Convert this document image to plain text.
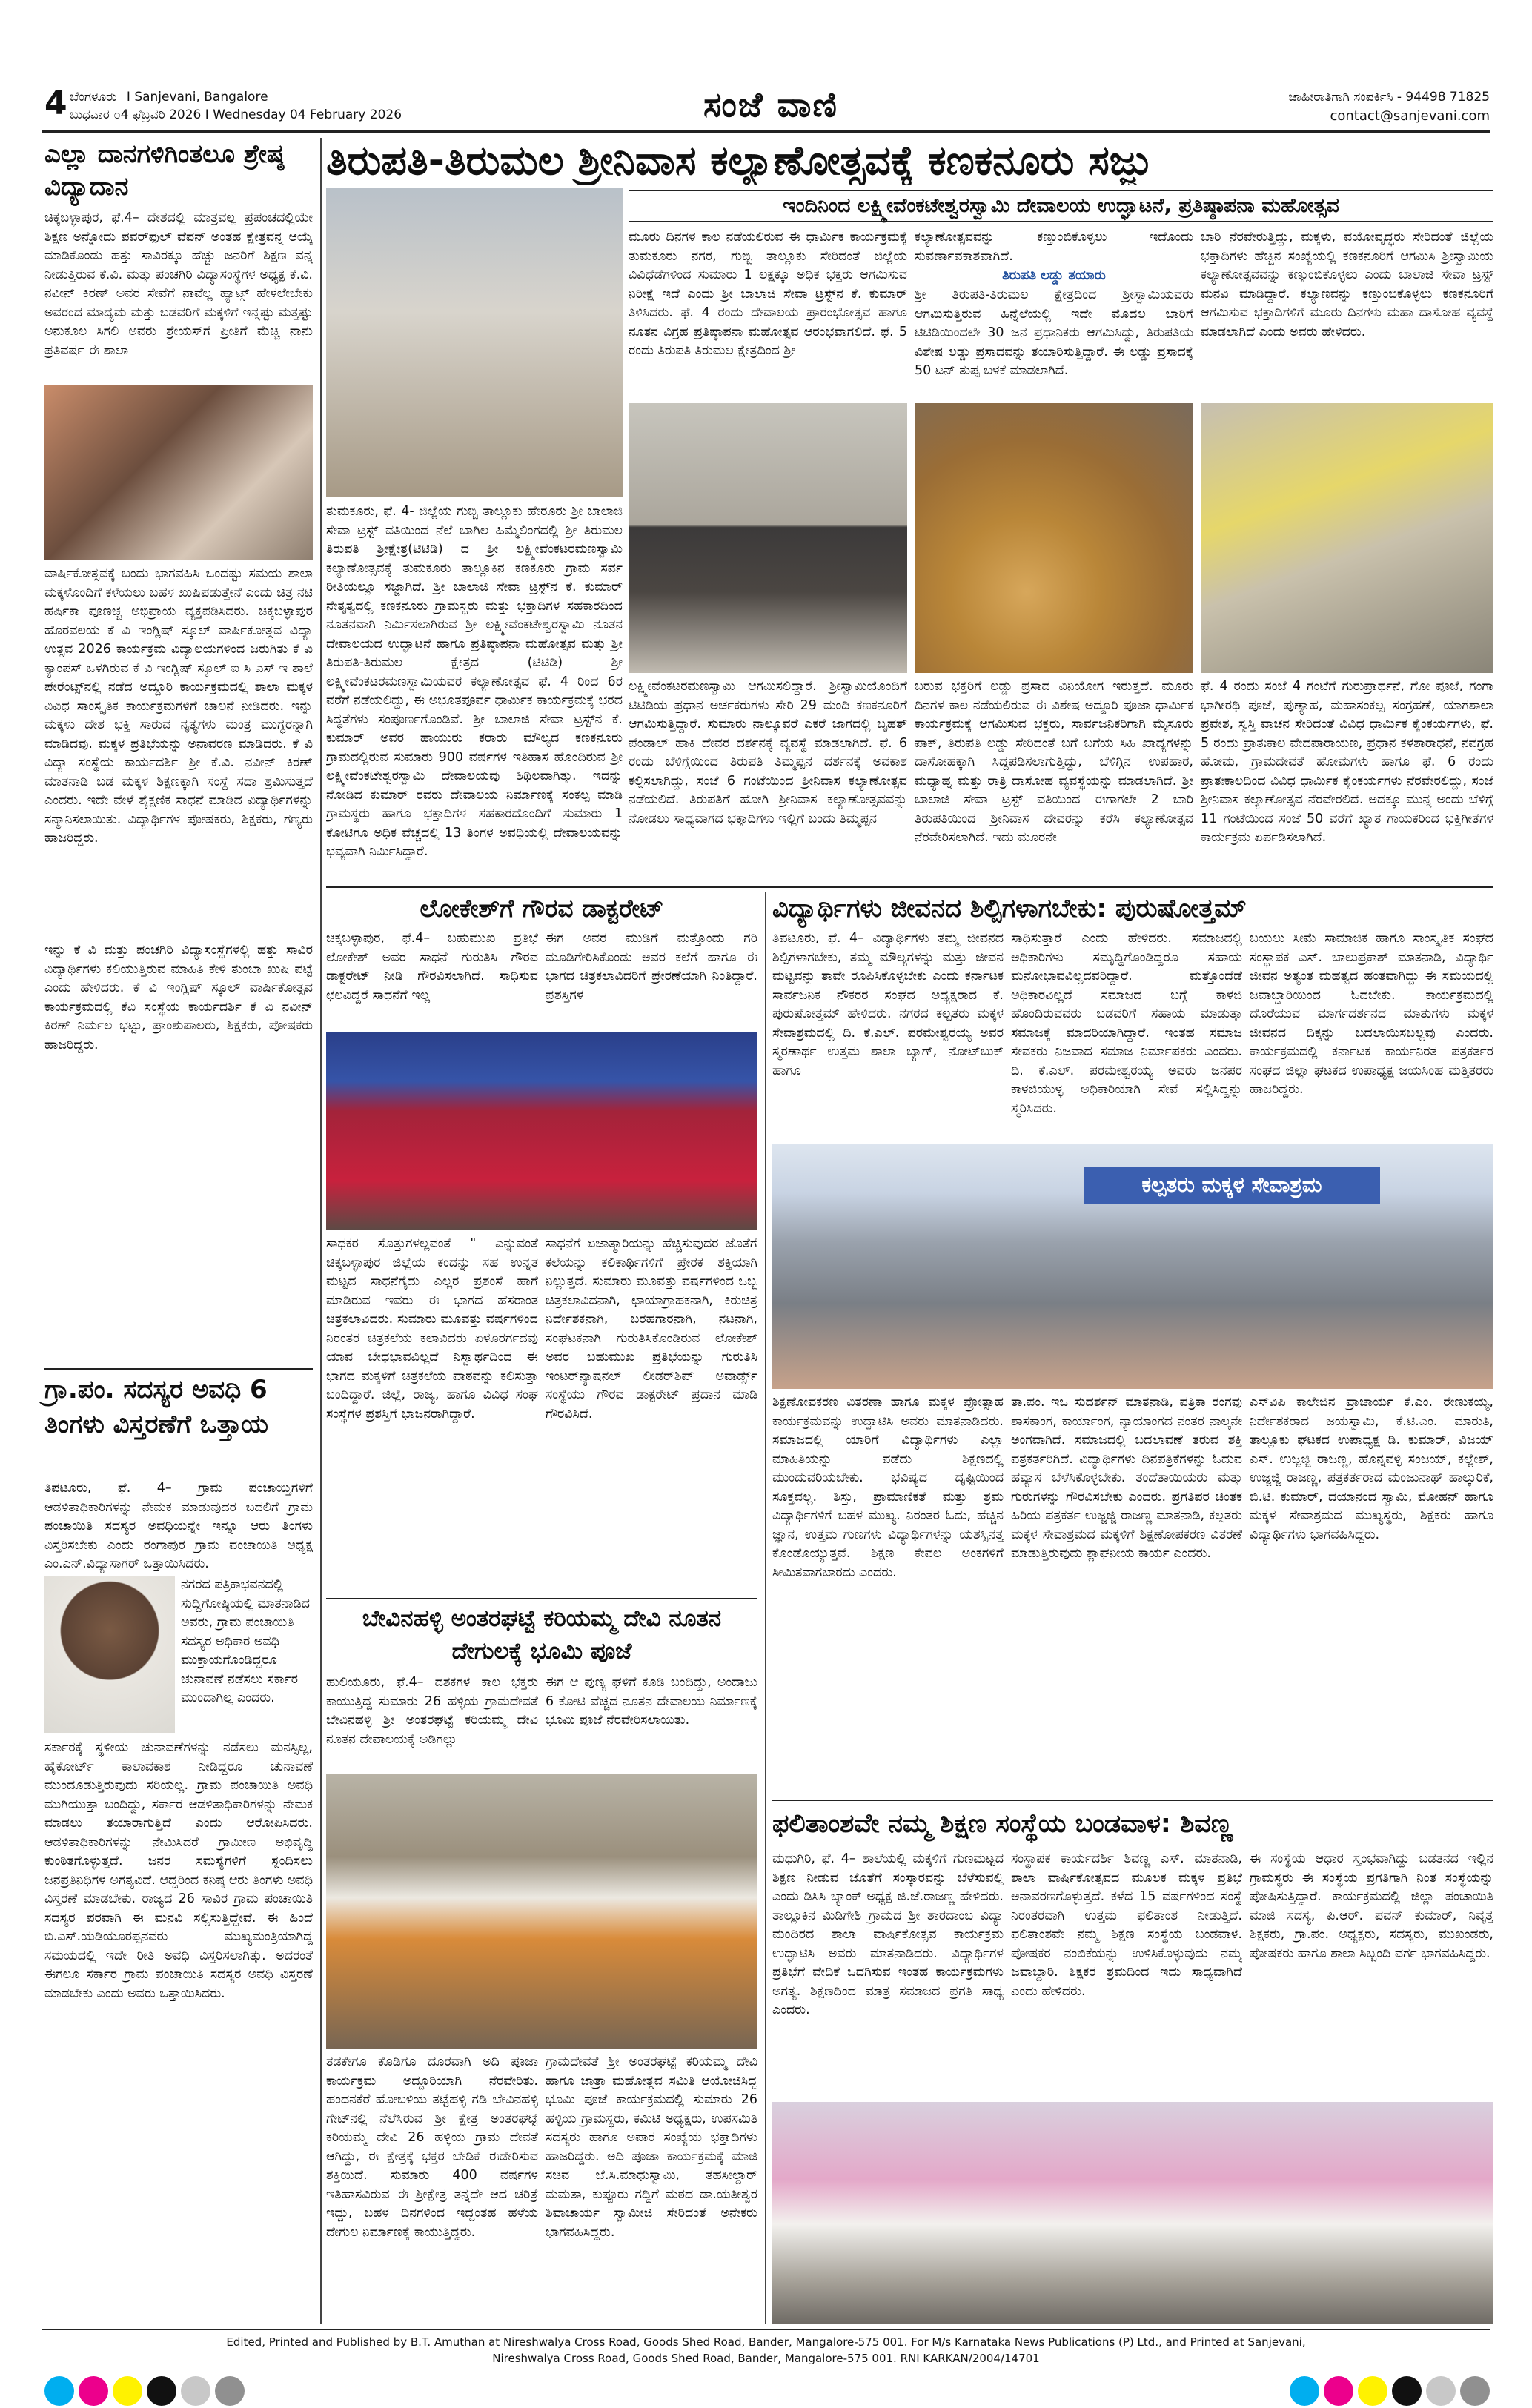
4 ಬೆಂಗಳೂರು I Sanjevani, Bangalore
ಬುಧವಾರ ೦4 ಫೆಬ್ರವರಿ 2026 I Wednesday 04 February 2026	ಸಂಜೆ ವಾಣಿ	ಜಾಹೀರಾತಿಗಾಗಿ ಸಂಪರ್ಕಿಸಿ - 94498 71825
contact@sanjevani.com
ಎಲ್ಲಾ ದಾನಗಳಿಗಿಂತಲೂ ಶ್ರೇಷ್ಠ ವಿದ್ಯಾದಾನ
ಚಿಕ್ಕಬಳ್ಳಾಪುರ, ಫೆ.4– ದೇಶದಲ್ಲಿ ಮಾತ್ರವಲ್ಲ ಪ್ರಪಂಚದಲ್ಲಿಯೇ ಶಿಕ್ಷಣ ಅನ್ನೋದು ಪವರ್‌ಫುಲ್ ವೆಪನ್ ಅಂತಹ ಕ್ಷೇತ್ರವನ್ನ ಆಯ್ಕೆ ಮಾಡಿಕೊಂಡು ಹತ್ತು ಸಾವಿರಕ್ಕೂ ಹೆಚ್ಚು ಜನರಿಗೆ ಶಿಕ್ಷಣ ವನ್ನ ನೀಡುತ್ತಿರುವ ಕೆ.ವಿ. ಮತ್ತು ಪಂಚಗಿರಿ ವಿದ್ಯಾಸಂಸ್ಥೆಗಳ ಅಧ್ಯಕ್ಷ ಕೆ.ವಿ. ನವೀನ್ ಕಿರಣ್ ಅವರ ಸೇವೆಗೆ ನಾವೆಲ್ಲ ಹ್ಯಾಟ್ಸ್ ಹೇಳಲೇಬೇಕು ಅವರಂದ ಮಾದ್ಯಮ ಮತ್ತು ಬಡವರಿಗೆ ಮಕ್ಕಳಿಗೆ ಇನ್ನಷ್ಟು ಮತ್ತಷ್ಟು ಅನುಕೂಲ ಸಿಗಲಿ ಅವರು ಶ್ರೇಯಸ್‌ಗೆ ಪ್ರೀತಿಗೆ ಮೆಚ್ಚಿ ನಾನು ಪ್ರತಿವರ್ಷ ಈ ಶಾಲಾ
ವಾರ್ಷಿಕೋತ್ಸವಕ್ಕೆ ಬಂದು ಭಾಗವಹಿಸಿ ಒಂದಷ್ಟು ಸಮಯ ಶಾಲಾ ಮಕ್ಕಳೊಂದಿಗೆ ಕಳೆಯಲು ಬಹಳ ಖುಷಿಪಡುತ್ತೇನೆ ಎಂದು ಚಿತ್ರ ನಟಿ ಹರ್ಷಿಕಾ ಪೂಣಚ್ಚ ಅಭಿಪ್ರಾಯ ವ್ಯಕ್ತಪಡಿಸಿದರು. ಚಿಕ್ಕಬಳ್ಳಾಪುರ ಹೊರವಲಯ ಕೆ ವಿ ಇಂಗ್ಲಿಷ್ ಸ್ಕೂಲ್ ವಾರ್ಷಿಕೋತ್ಸವ ವಿದ್ಯಾ ಉತ್ಸವ 2026 ಕಾರ್ಯಕ್ರಮ ವಿದ್ಯಾಲಯಗಳಿಂದ ಜರುಗಿತು ಕೆ ವಿ ಕ್ಯಾಂಪಸ್ ಒಳಗಿರುವ ಕೆ ವಿ ಇಂಗ್ಲಿಷ್ ಸ್ಕೂಲ್ ಐ ಸಿ ಎಸ್ ಇ ಶಾಲೆ ಪೇರೆಂಟ್ಸ್‌ನಲ್ಲಿ ನಡೆದ ಅದ್ದೂರಿ ಕಾರ್ಯಕ್ರಮದಲ್ಲಿ ಶಾಲಾ ಮಕ್ಕಳ ವಿವಿಧ ಸಾಂಸ್ಕೃತಿಕ ಕಾರ್ಯಕ್ರಮಗಳಿಗೆ ಚಾಲನೆ ನೀಡಿದರು. ಇನ್ನು ಮಕ್ಕಳು ದೇಶ ಭಕ್ತಿ ಸಾರುವ ನೃತ್ಯಗಳು ಮಂತ್ರ ಮುಗ್ಧರನ್ನಾಗಿ ಮಾಡಿದವು. ಮಕ್ಕಳ ಪ್ರತಿಭೆಯನ್ನು ಅನಾವರಣ ಮಾಡಿದರು. ಕೆ ವಿ ವಿದ್ಯಾ ಸಂಸ್ಥೆಯ ಕಾರ್ಯದರ್ಶಿ ಶ್ರೀ ಕೆ.ವಿ. ನವೀನ್ ಕಿರಣ್ ಮಾತನಾಡಿ ಬಡ ಮಕ್ಕಳ ಶಿಕ್ಷಣಕ್ಕಾಗಿ ಸಂಸ್ಥೆ ಸದಾ ಶ್ರಮಿಸುತ್ತದೆ ಎಂದರು. ಇದೇ ವೇಳೆ ಶೈಕ್ಷಣಿಕ ಸಾಧನೆ ಮಾಡಿದ ವಿದ್ಯಾರ್ಥಿಗಳನ್ನು ಸನ್ಮಾನಿಸಲಾಯಿತು. ವಿದ್ಯಾರ್ಥಿಗಳ ಪೋಷಕರು, ಶಿಕ್ಷಕರು, ಗಣ್ಯರು ಹಾಜರಿದ್ದರು.
ಇನ್ನು ಕೆ ವಿ ಮತ್ತು ಪಂಚಗಿರಿ ವಿದ್ಯಾಸಂಸ್ಥೆಗಳಲ್ಲಿ ಹತ್ತು ಸಾವಿರ ವಿದ್ಯಾರ್ಥಿಗಳು ಕಲಿಯುತ್ತಿರುವ ಮಾಹಿತಿ ಕೇಳಿ ತುಂಬಾ ಖುಷಿ ಪಟ್ಟೆ ಎಂದು ಹೇಳಿದರು. ಕೆ ವಿ ಇಂಗ್ಲಿಷ್ ಸ್ಕೂಲ್ ವಾರ್ಷಿಕೋತ್ಸವ ಕಾರ್ಯಕ್ರಮದಲ್ಲಿ ಕೆವಿ ಸಂಸ್ಥೆಯ ಕಾರ್ಯದರ್ಶಿ ಕೆ ವಿ ನವೀನ್ ಕಿರಣ್ ನಿರ್ಮಲ ಭಟ್ಟು, ಪ್ರಾಂಶುಪಾಲರು, ಶಿಕ್ಷಕರು, ಪೋಷಕರು ಹಾಜರಿದ್ದರು.
ಗ್ರಾ.ಪಂ. ಸದಸ್ಯರ ಅವಧಿ 6 ತಿಂಗಳು ವಿಸ್ತರಣೆಗೆ ಒತ್ತಾಯ
ತಿಪಟೂರು, ಫೆ. 4– ಗ್ರಾಮ ಪಂಚಾಯ್ತಿಗಳಿಗೆ ಆಡಳಿತಾಧಿಕಾರಿಗಳನ್ನು ನೇಮಕ ಮಾಡುವುದರ ಬದಲಿಗೆ ಗ್ರಾಮ ಪಂಚಾಯಿತಿ ಸದಸ್ಯರ ಅವಧಿಯನ್ನೇ ಇನ್ನೂ ಆರು ತಿಂಗಳು ವಿಸ್ತರಿಸಬೇಕು ಎಂದು ರಂಗಾಪುರ ಗ್ರಾಮ ಪಂಚಾಯಿತಿ ಅಧ್ಯಕ್ಷ ಎಂ.ಎನ್.ವಿದ್ಯಾಸಾಗರ್ ಒತ್ತಾಯಿಸಿದರು.
ನಗರದ ಪತ್ರಿಕಾಭವನದಲ್ಲಿ ಸುದ್ದಿಗೋಷ್ಠಿಯಲ್ಲಿ ಮಾತನಾಡಿದ ಅವರು, ಗ್ರಾಮ ಪಂಚಾಯಿತಿ ಸದಸ್ಯರ ಅಧಿಕಾರ ಅವಧಿ ಮುಕ್ತಾಯಗೊಂಡಿದ್ದರೂ ಚುನಾವಣೆ ನಡೆಸಲು ಸರ್ಕಾರ ಮುಂದಾಗಿಲ್ಲ ಎಂದರು.
ಸರ್ಕಾರಕ್ಕೆ ಸ್ಥಳೀಯ ಚುನಾವಣೆಗಳನ್ನು ನಡೆಸಲು ಮನಸ್ಸಿಲ್ಲ, ಹೈಕೋರ್ಟ್ ಕಾಲಾವಕಾಶ ನೀಡಿದ್ದರೂ ಚುನಾವಣೆ ಮುಂದೂಡುತ್ತಿರುವುದು ಸರಿಯಲ್ಲ. ಗ್ರಾಮ ಪಂಚಾಯಿತಿ ಅವಧಿ ಮುಗಿಯುತ್ತಾ ಬಂದಿದ್ದು, ಸರ್ಕಾರ ಆಡಳಿತಾಧಿಕಾರಿಗಳನ್ನು ನೇಮಕ ಮಾಡಲು ತಯಾರಾಗುತ್ತಿದೆ ಎಂದು ಆರೋಪಿಸಿದರು. ಆಡಳಿತಾಧಿಕಾರಿಗಳನ್ನು ನೇಮಿಸಿದರೆ ಗ್ರಾಮೀಣ ಅಭಿವೃದ್ಧಿ ಕುಂಠಿತಗೊಳ್ಳುತ್ತದೆ. ಜನರ ಸಮಸ್ಯೆಗಳಿಗೆ ಸ್ಪಂದಿಸಲು ಜನಪ್ರತಿನಿಧಿಗಳ ಅಗತ್ಯವಿದೆ. ಆದ್ದರಿಂದ ಕನಿಷ್ಠ ಆರು ತಿಂಗಳು ಅವಧಿ ವಿಸ್ತರಣೆ ಮಾಡಬೇಕು. ರಾಜ್ಯದ 26 ಸಾವಿರ ಗ್ರಾಮ ಪಂಚಾಯಿತಿ ಸದಸ್ಯರ ಪರವಾಗಿ ಈ ಮನವಿ ಸಲ್ಲಿಸುತ್ತಿದ್ದೇವೆ. ಈ ಹಿಂದೆ ಬಿ.ಎಸ್.ಯಡಿಯೂರಪ್ಪನವರು ಮುಖ್ಯಮಂತ್ರಿಯಾಗಿದ್ದ ಸಮಯದಲ್ಲಿ ಇದೇ ರೀತಿ ಅವಧಿ ವಿಸ್ತರಿಸಲಾಗಿತ್ತು. ಅದರಂತೆ ಈಗಲೂ ಸರ್ಕಾರ ಗ್ರಾಮ ಪಂಚಾಯಿತಿ ಸದಸ್ಯರ ಅವಧಿ ವಿಸ್ತರಣೆ ಮಾಡಬೇಕು ಎಂದು ಅವರು ಒತ್ತಾಯಿಸಿದರು.
ತಿರುಪತಿ-ತಿರುಮಲ ಶ್ರೀನಿವಾಸ ಕಲ್ಯಾಣೋತ್ಸವಕ್ಕೆ ಕಣಕನೂರು ಸಜ್ಜು
ಇಂದಿನಿಂದ ಲಕ್ಷ್ಮೀವೆಂಕಟೇಶ್ವರಸ್ವಾಮಿ ದೇವಾಲಯ ಉದ್ಘಾಟನೆ, ಪ್ರತಿಷ್ಠಾಪನಾ ಮಹೋತ್ಸವ
ಮೂರು ದಿನಗಳ ಕಾಲ ನಡೆಯಲಿರುವ ಈ ಧಾರ್ಮಿಕ ಕಾರ್ಯಕ್ರಮಕ್ಕೆ ತುಮಕೂರು ನಗರ, ಗುಬ್ಬಿ ತಾಲ್ಲೂಕು ಸೇರಿದಂತೆ ಜಿಲ್ಲೆಯ ವಿವಿಧೆಡೆಗಳಿಂದ ಸುಮಾರು 1 ಲಕ್ಷಕ್ಕೂ ಅಧಿಕ ಭಕ್ತರು ಆಗಮಿಸುವ ನಿರೀಕ್ಷೆ ಇದೆ ಎಂದು ಶ್ರೀ ಬಾಲಾಜಿ ಸೇವಾ ಟ್ರಸ್ಟ್‌ನ ಕೆ. ಕುಮಾರ್ ತಿಳಿಸಿದರು. ಫೆ. 4 ರಂದು ದೇವಾಲಯ ಪ್ರಾರಂಭೋತ್ಸವ ಹಾಗೂ ನೂತನ ವಿಗ್ರಹ ಪ್ರತಿಷ್ಠಾಪನಾ ಮಹೋತ್ಸವ ಆರಂಭವಾಗಲಿದೆ. ಫೆ. 5 ರಂದು ತಿರುಪತಿ ತಿರುಮಲ ಕ್ಷೇತ್ರದಿಂದ ಶ್ರೀ
ಕಲ್ಯಾಣೋತ್ಸವವನ್ನು ಕಣ್ತುಂಬಿಕೊಳ್ಳಲು ಇದೊಂದು ಸುವರ್ಣಾವಕಾಶವಾಗಿದೆ.
ತಿರುಪತಿ ಲಡ್ಡು ತಯಾರು
ಶ್ರೀ ತಿರುಪತಿ-ತಿರುಮಲ ಕ್ಷೇತ್ರದಿಂದ ಶ್ರೀಸ್ವಾಮಿಯವರು ಆಗಮಿಸುತ್ತಿರುವ ಹಿನ್ನೆಲೆಯಲ್ಲಿ ಇದೇ ಮೊದಲ ಬಾರಿಗೆ ಟಿಟಿಡಿಯಿಂದಲೇ 30 ಜನ ಪ್ರಧಾನಿಕರು ಆಗಮಿಸಿದ್ದು, ತಿರುಪತಿಯ ವಿಶೇಷ ಲಡ್ಡು ಪ್ರಸಾದವನ್ನು ತಯಾರಿಸುತ್ತಿದ್ದಾರೆ. ಈ ಲಡ್ಡು ಪ್ರಸಾದಕ್ಕೆ 50 ಟನ್ ತುಪ್ಪ ಬಳಕೆ ಮಾಡಲಾಗಿದೆ.
ಬಾರಿ ನೆರವೇರುತ್ತಿದ್ದು, ಮಕ್ಕಳು, ವಯೋವೃದ್ಧರು ಸೇರಿದಂತೆ ಜಿಲ್ಲೆಯ ಭಕ್ತಾದಿಗಳು ಹೆಚ್ಚಿನ ಸಂಖ್ಯೆಯಲ್ಲಿ ಕಣಕನೂರಿಗೆ ಆಗಮಿಸಿ ಶ್ರೀಸ್ವಾಮಿಯ ಕಲ್ಯಾಣೋತ್ಸವವನ್ನು ಕಣ್ತುಂಬಿಕೊಳ್ಳಲು ಎಂದು ಬಾಲಾಜಿ ಸೇವಾ ಟ್ರಸ್ಟ್ ಮನವಿ ಮಾಡಿದ್ದಾರೆ. ಕಲ್ಯಾಣವನ್ನು ಕಣ್ತುಂಬಿಕೊಳ್ಳಲು ಕಣಕನೂರಿಗೆ ಆಗಮಿಸುವ ಭಕ್ತಾದಿಗಳಿಗೆ ಮೂರು ದಿನಗಳು ಮಹಾ ದಾಸೋಹ ವ್ಯವಸ್ಥೆ ಮಾಡಲಾಗಿದೆ ಎಂದು ಅವರು ಹೇಳಿದರು.
ತುಮಕೂರು, ಫೆ. 4- ಜಿಲ್ಲೆಯ ಗುಬ್ಬಿ ತಾಲ್ಲೂಕು ಹೇರೂರು ಶ್ರೀ ಬಾಲಾಜಿ ಸೇವಾ ಟ್ರಸ್ಟ್ ವತಿಯಿಂದ ನೆಲೆ ಬಾಗಿಲ ಹಿಮ್ಮೆಲಿಂಗದಲ್ಲಿ ಶ್ರೀ ತಿರುಮಲ ತಿರುಪತಿ ಶ್ರೀಕ್ಷೇತ್ರ(ಟಿಟಿಡಿ) ದ ಶ್ರೀ ಲಕ್ಷ್ಮೀವೆಂಕಟರಮಣಸ್ವಾಮಿ ಕಲ್ಯಾಣೋತ್ಸವಕ್ಕೆ ತುಮಕೂರು ತಾಲ್ಲೂಕಿನ ಕಣಕೂರು ಗ್ರಾಮ ಸರ್ವ ರೀತಿಯಲ್ಲೂ ಸಜ್ಜಾಗಿದೆ. ಶ್ರೀ ಬಾಲಾಜಿ ಸೇವಾ ಟ್ರಸ್ಟ್‌ನ ಕೆ. ಕುಮಾರ್ ನೇತೃತ್ವದಲ್ಲಿ ಕಣಕನೂರು ಗ್ರಾಮಸ್ಥರು ಮತ್ತು ಭಕ್ತಾದಿಗಳ ಸಹಕಾರದಿಂದ ನೂತನವಾಗಿ ನಿರ್ಮಿಸಲಾಗಿರುವ ಶ್ರೀ ಲಕ್ಷ್ಮೀವೆಂಕಟೇಶ್ವರಸ್ವಾಮಿ ನೂತನ ದೇವಾಲಯದ ಉದ್ಘಾಟನೆ ಹಾಗೂ ಪ್ರತಿಷ್ಠಾಪನಾ ಮಹೋತ್ಸವ ಮತ್ತು ಶ್ರೀ ತಿರುಪತಿ-ತಿರುಮಲ ಕ್ಷೇತ್ರದ (ಟಿಟಿಡಿ) ಶ್ರೀ ಲಕ್ಷ್ಮೀವೆಂಕಟರಮಣಸ್ವಾಮಿಯವರ ಕಲ್ಯಾಣೋತ್ಸವ ಫೆ. 4 ರಿಂದ 6ರ ವರೆಗೆ ನಡೆಯಲಿದ್ದು, ಈ ಅಭೂತಪೂರ್ವ ಧಾರ್ಮಿಕ ಕಾರ್ಯಕ್ರಮಕ್ಕೆ ಭರದ ಸಿದ್ಧತೆಗಳು ಸಂಪೂರ್ಣಗೊಂಡಿವೆ. ಶ್ರೀ ಬಾಲಾಜಿ ಸೇವಾ ಟ್ರಸ್ಟ್‌ನ ಕೆ. ಕುಮಾರ್ ಅವರ ಹಾಯುರು ಕರಾರು ಮೌಲ್ಯದ ಕಣಕನೂರು ಗ್ರಾಮದಲ್ಲಿರುವ ಸುಮಾರು 900 ವರ್ಷಗಳ ಇತಿಹಾಸ ಹೊಂದಿರುವ ಶ್ರೀ ಲಕ್ಷ್ಮೀವೆಂಕಟೇಶ್ವರಸ್ವಾಮಿ ದೇವಾಲಯವು ಶಿಥಿಲವಾಗಿತ್ತು. ಇದನ್ನು ನೋಡಿದ ಕುಮಾರ್ ರವರು ದೇವಾಲಯ ನಿರ್ಮಾಣಕ್ಕೆ ಸಂಕಲ್ಪ ಮಾಡಿ ಗ್ರಾಮಸ್ಥರು ಹಾಗೂ ಭಕ್ತಾದಿಗಳ ಸಹಕಾರದೊಂದಿಗೆ ಸುಮಾರು 1 ಕೋಟಿಗೂ ಅಧಿಕ ವೆಚ್ಚದಲ್ಲಿ 13 ತಿಂಗಳ ಅವಧಿಯಲ್ಲಿ ದೇವಾಲಯವನ್ನು ಭವ್ಯವಾಗಿ ನಿರ್ಮಿಸಿದ್ದಾರೆ.
ಲಕ್ಷ್ಮೀವೆಂಕಟರಮಣಸ್ವಾಮಿ ಆಗಮಿಸಲಿದ್ದಾರೆ. ಶ್ರೀಸ್ವಾಮಿಯೊಂದಿಗೆ ಟಿಟಿಡಿಯ ಪ್ರಧಾನ ಅರ್ಚಕರುಗಳು ಸೇರಿ 29 ಮಂದಿ ಕಣಕನೂರಿಗೆ ಆಗಮಿಸುತ್ತಿದ್ದಾರೆ. ಸುಮಾರು ನಾಲ್ಕೂವರೆ ಎಕರೆ ಜಾಗದಲ್ಲಿ ಬೃಹತ್ ಪೆಂಡಾಲ್ ಹಾಕಿ ದೇವರ ದರ್ಶನಕ್ಕೆ ವ್ಯವಸ್ಥೆ ಮಾಡಲಾಗಿದೆ. ಫೆ. 6 ರಂದು ಬೆಳಿಗ್ಗೆಯಿಂದ ತಿರುಪತಿ ತಿಮ್ಮಪ್ಪನ ದರ್ಶನಕ್ಕೆ ಅವಕಾಶ ಕಲ್ಪಿಸಲಾಗಿದ್ದು, ಸಂಜೆ 6 ಗಂಟೆಯಿಂದ ಶ್ರೀನಿವಾಸ ಕಲ್ಯಾಣೋತ್ಸವ ನಡೆಯಲಿದೆ. ತಿರುಪತಿಗೆ ಹೋಗಿ ಶ್ರೀನಿವಾಸ ಕಲ್ಯಾಣೋತ್ಸವವನ್ನು ನೋಡಲು ಸಾಧ್ಯವಾಗದ ಭಕ್ತಾದಿಗಳು ಇಲ್ಲಿಗೆ ಬಂದು ತಿಮ್ಮಪ್ಪನ
ಬರುವ ಭಕ್ತರಿಗೆ ಲಡ್ಡು ಪ್ರಸಾದ ವಿನಿಯೋಗ ಇರುತ್ತದೆ. ಮೂರು ದಿನಗಳ ಕಾಲ ನಡೆಯಲಿರುವ ಈ ವಿಶೇಷ ಅದ್ದೂರಿ ಪೂಜಾ ಧಾರ್ಮಿಕ ಕಾರ್ಯಕ್ರಮಕ್ಕೆ ಆಗಮಿಸುವ ಭಕ್ತರು, ಸಾರ್ವಜನಿಕರಿಗಾಗಿ ಮೈಸೂರು ಪಾಕ್, ತಿರುಪತಿ ಲಡ್ಡು ಸೇರಿದಂತೆ ಬಗೆ ಬಗೆಯ ಸಿಹಿ ಖಾದ್ಯಗಳನ್ನು ದಾಸೋಹಕ್ಕಾಗಿ ಸಿದ್ದಪಡಿಸಲಾಗುತ್ತಿದ್ದು, ಬೆಳಿಗ್ಗಿನ ಉಪಹಾರ, ಮಧ್ಯಾಹ್ನ ಮತ್ತು ರಾತ್ರಿ ದಾಸೋಹ ವ್ಯವಸ್ಥೆಯನ್ನು ಮಾಡಲಾಗಿದೆ. ಶ್ರೀ ಬಾಲಾಜಿ ಸೇವಾ ಟ್ರಸ್ಟ್ ವತಿಯಿಂದ ಈಗಾಗಲೇ 2 ಬಾರಿ ತಿರುಪತಿಯಿಂದ ಶ್ರೀನಿವಾಸ ದೇವರನ್ನು ಕರೆಸಿ ಕಲ್ಯಾಣೋತ್ಸವ ನೆರವೇರಿಸಲಾಗಿದೆ. ಇದು ಮೂರನೇ
ಫೆ. 4 ರಂದು ಸಂಜೆ 4 ಗಂಟೆಗೆ ಗುರುಪ್ರಾರ್ಥನೆ, ಗೋ ಪೂಜೆ, ಗಂಗಾ ಭಾಗೀರಥಿ ಪೂಜೆ, ಪುಣ್ಯಾಹ, ಮಹಾಸಂಕಲ್ಪ ಸಂಗ್ರಹಣೆ, ಯಾಗಶಾಲಾ ಪ್ರವೇಶ, ಸ್ವಸ್ತಿ ವಾಚನ ಸೇರಿದಂತೆ ವಿವಿಧ ಧಾರ್ಮಿಕ ಕೈಂಕರ್ಯಗಳು, ಫೆ. 5 ರಂದು ಪ್ರಾತಃಕಾಲ ವೇದಪಾರಾಯಣ, ಪ್ರಧಾನ ಕಳಶಾರಾಧನೆ, ನವಗ್ರಹ ಹೋಮ, ಗ್ರಾಮದೇವತೆ ಹೋಮಗಳು ಹಾಗೂ ಫೆ. 6 ರಂದು ಪ್ರಾತಃಕಾಲದಿಂದ ವಿವಿಧ ಧಾರ್ಮಿಕ ಕೈಂಕರ್ಯಗಳು ನೆರವೇರಲಿದ್ದು, ಸಂಜೆ ಶ್ರೀನಿವಾಸ ಕಲ್ಯಾಣೋತ್ಸವ ನೆರವೇರಲಿದೆ. ಅದಕ್ಕೂ ಮುನ್ನ ಅಂದು ಬೆಳಿಗ್ಗೆ 11 ಗಂಟೆಯಿಂದ ಸಂಜೆ 50 ವರೆಗೆ ಖ್ಯಾತ ಗಾಯಕರಿಂದ ಭಕ್ತಿಗೀತೆಗಳ ಕಾರ್ಯಕ್ರಮ ಏರ್ಪಡಿಸಲಾಗಿದೆ.
ಲೋಕೇಶ್‌ಗೆ ಗೌರವ ಡಾಕ್ಟರೇಟ್
ಚಿಕ್ಕಬಳ್ಳಾಪುರ, ಫೆ.4– ಬಹುಮುಖ ಪ್ರತಿಭೆ ಲೋಕೇಶ್ ಅವರ ಸಾಧನೆ ಗುರುತಿಸಿ ಗೌರವ ಡಾಕ್ಟರೇಟ್ ನೀಡಿ ಗೌರವಿಸಲಾಗಿದೆ. ಸಾಧಿಸುವ ಛಲವಿದ್ದರೆ ಸಾಧನೆಗೆ ಇಲ್ಲ
ಈಗ ಅವರ ಮುಡಿಗೆ ಮತ್ತೊಂದು ಗರಿ ಮೂಡಿಗೇರಿಸಿಕೊಂಡು ಅವರ ಕಲೆಗೆ ಹಾಗೂ ಈ ಭಾಗದ ಚಿತ್ರಕಲಾವಿದರಿಗೆ ಪ್ರೇರಣೆಯಾಗಿ ನಿಂತಿದ್ದಾರೆ. ಪ್ರಶಸ್ತಿಗಳ
ಸಾಧಕರ ಸೊತ್ತುಗಳಲ್ಲವಂತೆ " ಎನ್ನುವಂತೆ ಚಿಕ್ಕಬಳ್ಳಾಪುರ ಜಿಲ್ಲೆಯ ಕಂದನ್ನು ಸಹ ಉನ್ನತ ಮಟ್ಟದ ಸಾಧನೆಗೈದು ಎಲ್ಲರ ಪ್ರಶಂಸೆ ಹಾಗೆ ಮಾಡಿರುವ ಇವರು ಈ ಭಾಗದ ಹೆಸರಾಂತ ಚಿತ್ರಕಲಾವಿದರು. ಸುಮಾರು ಮೂವತ್ತು ವರ್ಷಗಳಿಂದ ನಿರಂತರ ಚಿತ್ರಕಲೆಯ ಕಲಾವಿದರು ಏಳೂರರ್ಗದವು ಯಾವ ಬೇಧಭಾವವಿಲ್ಲದೆ ನಿಸ್ವಾರ್ಥದಿಂದ ಈ ಭಾಗದ ಮಕ್ಕಳಿಗೆ ಚಿತ್ರಕಲೆಯ ಪಾಠವನ್ನು ಕಲಿಸುತ್ತಾ ಬಂದಿದ್ದಾರೆ. ಜಿಲ್ಲೆ, ರಾಜ್ಯ, ಹಾಗೂ ವಿವಿಧ ಸಂಘ ಸಂಸ್ಥೆಗಳ ಪ್ರಶಸ್ತಿಗೆ ಭಾಜನರಾಗಿದ್ದಾರೆ.
ಸಾಧನೆಗೆ ಏಜಾತ್ಮಾರಿಯನ್ನು ಹೆಚ್ಚಿಸುವುದರ ಜೊತೆಗೆ ಕಲೆಯನ್ನು ಕಲಿಕಾರ್ಥಿಗಳಿಗೆ ಪ್ರೇರಕ ಶಕ್ತಿಯಾಗಿ ನಿಲ್ಲುತ್ತದೆ. ಸುಮಾರು ಮೂವತ್ತು ವರ್ಷಗಳಿಂದ ಒಬ್ಬ ಚಿತ್ರಕಲಾವಿದನಾಗಿ, ಛಾಯಾಗ್ರಾಹಕನಾಗಿ, ಕಿರುಚಿತ್ರ ನಿರ್ದೇಶಕನಾಗಿ, ಬರಹಗಾರನಾಗಿ, ನಟನಾಗಿ, ಸಂಘಟಕನಾಗಿ ಗುರುತಿಸಿಕೊಂಡಿರುವ ಲೋಕೇಶ್ ಅವರ ಬಹುಮುಖ ಪ್ರತಿಭೆಯನ್ನು ಗುರುತಿಸಿ ಇಂಟರ್‌ನ್ಯಾಷನಲ್ ಲೀಡರ್‌ಶಿಪ್ ಅವಾರ್ಡ್ಸ್ ಸಂಸ್ಥೆಯು ಗೌರವ ಡಾಕ್ಟರೇಟ್ ಪ್ರದಾನ ಮಾಡಿ ಗೌರವಿಸಿದೆ.
ಬೇವಿನಹಳ್ಳಿ ಅಂತರಘಟ್ಟೆ ಕರಿಯಮ್ಮ ದೇವಿ ನೂತನ ದೇಗುಲಕ್ಕೆ ಭೂಮಿ ಪೂಜೆ
ಹುಲಿಯೂರು, ಫೆ.4– ದಶಕಗಳ ಕಾಲ ಭಕ್ತರು ಕಾಯುತ್ತಿದ್ದ ಸುಮಾರು 26 ಹಳ್ಳಿಯ ಗ್ರಾಮದೇವತೆ ಬೇವಿನಹಳ್ಳಿ ಶ್ರೀ ಅಂತರಘಟ್ಟೆ ಕರಿಯಮ್ಮ ದೇವಿ ನೂತನ ದೇವಾಲಯಕ್ಕೆ ಅಡಿಗಲ್ಲು
ಈಗ ಆ ಪುಣ್ಯ ಘಳಿಗೆ ಕೂಡಿ ಬಂದಿದ್ದು, ಅಂದಾಜು 6 ಕೋಟಿ ವೆಚ್ಚದ ನೂತನ ದೇವಾಲಯ ನಿರ್ಮಾಣಕ್ಕೆ ಭೂಮಿ ಪೂಜೆ ನೆರವೇರಿಸಲಾಯಿತು.
ತಡಕೇಗೂ ಕೊಡಿಗೂ ದೂರವಾಗಿ ಅದಿ ಪೂಜಾ ಕಾರ್ಯಕ್ರಮ ಅದ್ದೂರಿಯಾಗಿ ನೆರವೇರಿತು. ಹಂದನಕೆರೆ ಹೋಬಳಿಯ ತಟ್ಟೆಹಳ್ಳಿ ಗಡಿ ಬೇವಿನಹಳ್ಳಿ ಗೇಟ್‌ನಲ್ಲಿ ನೆಲೆಸಿರುವ ಶ್ರೀ ಕ್ಷೇತ್ರ ಅಂತರಘಟ್ಟೆ ಕರಿಯಮ್ಮ ದೇವಿ 26 ಹಳ್ಳಿಯ ಗ್ರಾಮ ದೇವತೆ ಆಗಿದ್ದು, ಈ ಕ್ಷೇತ್ರಕ್ಕೆ ಭಕ್ತರ ಬೇಡಿಕೆ ಈಡೇರಿಸುವ ಶಕ್ತಿಯಿದೆ. ಸುಮಾರು 400 ವರ್ಷಗಳ ಇತಿಹಾಸವಿರುವ ಈ ಶ್ರೀಕ್ಷೇತ್ರ ತನ್ನದೇ ಆದ ಚರಿತ್ರೆ ಇದ್ದು, ಬಹಳ ದಿನಗಳಿಂದ ಇದ್ದಂತಹ ಹಳೆಯ ದೇಗುಲ ನಿರ್ಮಾಣಕ್ಕೆ ಕಾಯುತ್ತಿದ್ದರು.
ಗ್ರಾಮದೇವತೆ ಶ್ರೀ ಅಂತರಘಟ್ಟೆ ಕರಿಯಮ್ಮ ದೇವಿ ಹಾಗೂ ಜಾತ್ರಾ ಮಹೋತ್ಸವ ಸಮಿತಿ ಆಯೋಜಿಸಿದ್ದ ಭೂಮಿ ಪೂಜೆ ಕಾರ್ಯಕ್ರಮದಲ್ಲಿ ಸುಮಾರು 26 ಹಳ್ಳಿಯ ಗ್ರಾಮಸ್ಥರು, ಕಮಿಟಿ ಅಧ್ಯಕ್ಷರು, ಉಪಸಮಿತಿ ಸದಸ್ಯರು ಹಾಗೂ ಅಪಾರ ಸಂಖ್ಯೆಯ ಭಕ್ತಾದಿಗಳು ಹಾಜರಿದ್ದರು. ಅದಿ ಪೂಜಾ ಕಾರ್ಯಕ್ರಮಕ್ಕೆ ಮಾಜಿ ಸಚಿವ ಜೆ.ಸಿ.ಮಾಧುಸ್ವಾಮಿ, ತಹಸೀಲ್ದಾರ್ ಮಮತಾ, ಕುಪ್ಪೂರು ಗದ್ದಿಗೆ ಮಠದ ಡಾ.ಯತೀಶ್ವರ ಶಿವಾಚಾರ್ಯ ಸ್ವಾಮೀಜಿ ಸೇರಿದಂತೆ ಅನೇಕರು ಭಾಗವಹಿಸಿದ್ದರು.
ವಿದ್ಯಾರ್ಥಿಗಳು ಜೀವನದ ಶಿಲ್ಪಿಗಳಾಗಬೇಕು: ಪುರುಷೋತ್ತಮ್
ತಿಪಟೂರು, ಫೆ. 4– ವಿದ್ಯಾರ್ಥಿಗಳು ತಮ್ಮ ಜೀವನದ ಶಿಲ್ಪಿಗಳಾಗಬೇಕು, ತಮ್ಮ ಮೌಲ್ಯಗಳನ್ನು ಮತ್ತು ಜೀವನ ಮಟ್ಟವನ್ನು ತಾವೇ ರೂಪಿಸಿಕೊಳ್ಳಬೇಕು ಎಂದು ಕರ್ನಾಟಕ ಸಾರ್ವಜನಿಕ ನೌಕರರ ಸಂಘದ ಅಧ್ಯಕ್ಷರಾದ ಕೆ. ಪುರುಷೋತ್ತಮ್ ಹೇಳಿದರು. ನಗರದ ಕಲ್ಪತರು ಮಕ್ಕಳ ಸೇವಾಶ್ರಮದಲ್ಲಿ ದಿ. ಕೆ.ಎಲ್. ಪರಮೇಶ್ವರಯ್ಯ ಅವರ ಸ್ಮರಣಾರ್ಥ ಉತ್ತಮ ಶಾಲಾ ಬ್ಯಾಗ್, ನೋಟ್‌ಬುಕ್ ಹಾಗೂ
ಸಾಧಿಸುತ್ತಾರೆ ಎಂದು ಹೇಳಿದರು. ಸಮಾಜದಲ್ಲಿ ಅಧಿಕಾರಿಗಳು ಸಮೃದ್ಧಿಗೊಂಡಿದ್ದರೂ ಸಹಾಯ ಮನೋಭಾವವಿಲ್ಲದವರಿದ್ದಾರೆ. ಮತ್ತೊಂದೆಡೆ ಅಧಿಕಾರವಿಲ್ಲದೆ ಸಮಾಜದ ಬಗ್ಗೆ ಕಾಳಜಿ ಹೊಂದಿರುವವರು ಬಡವರಿಗೆ ಸಹಾಯ ಮಾಡುತ್ತಾ ಸಮಾಜಕ್ಕೆ ಮಾದರಿಯಾಗಿದ್ದಾರೆ. ಇಂತಹ ಸಮಾಜ ಸೇವಕರು ನಿಜವಾದ ಸಮಾಜ ನಿರ್ಮಾಪಕರು ಎಂದರು. ದಿ. ಕೆ.ಎಲ್. ಪರಮೇಶ್ವರಯ್ಯ ಅವರು ಜನಪರ ಕಾಳಜಿಯುಳ್ಳ ಅಧಿಕಾರಿಯಾಗಿ ಸೇವೆ ಸಲ್ಲಿಸಿದ್ದನ್ನು ಸ್ಮರಿಸಿದರು.
ಬಯಲು ಸೀಮೆ ಸಾಮಾಜಿಕ ಹಾಗೂ ಸಾಂಸ್ಕೃತಿಕ ಸಂಘದ ಸಂಸ್ಥಾಪಕ ಎಸ್. ಬಾಲುಪ್ರಕಾಶ್ ಮಾತನಾಡಿ, ವಿದ್ಯಾರ್ಥಿ ಜೀವನ ಅತ್ಯಂತ ಮಹತ್ವದ ಹಂತವಾಗಿದ್ದು ಈ ಸಮಯದಲ್ಲಿ ಜವಾಬ್ದಾರಿಯಿಂದ ಓದಬೇಕು. ಕಾರ್ಯಕ್ರಮದಲ್ಲಿ ದೊರೆಯುವ ಮಾರ್ಗದರ್ಶನದ ಮಾತುಗಳು ಮಕ್ಕಳ ಜೀವನದ ದಿಕ್ಕನ್ನು ಬದಲಾಯಿಸಬಲ್ಲವು ಎಂದರು. ಕಾರ್ಯಕ್ರಮದಲ್ಲಿ ಕರ್ನಾಟಕ ಕಾರ್ಯನಿರತ ಪತ್ರಕರ್ತರ ಸಂಘದ ಜಿಲ್ಲಾ ಘಟಕದ ಉಪಾಧ್ಯಕ್ಷ ಜಯಸಿಂಹ ಮತ್ತಿತರರು ಹಾಜರಿದ್ದರು.
ಕಲ್ಪತರು ಮಕ್ಕಳ ಸೇವಾಶ್ರಮ
ಶಿಕ್ಷಣೋಪಕರಣ ವಿತರಣಾ ಹಾಗೂ ಮಕ್ಕಳ ಪ್ರೋತ್ಸಾಹ ಕಾರ್ಯಕ್ರಮವನ್ನು ಉದ್ಘಾಟಿಸಿ ಅವರು ಮಾತನಾಡಿದರು. ಸಮಾಜದಲ್ಲಿ ಯಾರಿಗೆ ವಿದ್ಯಾರ್ಥಿಗಳು ಎಲ್ಲಾ ಮಾಹಿತಿಯನ್ನು ಪಡೆದು ಶಿಕ್ಷಣದಲ್ಲಿ ಮುಂದುವರಿಯಬೇಕು. ಭವಿಷ್ಯದ ದೃಷ್ಟಿಯಿಂದ ಸೂಕ್ತವಲ್ಲ. ಶಿಸ್ತು, ಪ್ರಾಮಾಣಿಕತೆ ಮತ್ತು ಶ್ರಮ ವಿದ್ಯಾರ್ಥಿಗಳಿಗೆ ಬಹಳ ಮುಖ್ಯ. ನಿರಂತರ ಓದು, ಹೆಚ್ಚಿನ ಜ್ಞಾನ, ಉತ್ತಮ ಗುಣಗಳು ವಿದ್ಯಾರ್ಥಿಗಳನ್ನು ಯಶಸ್ಸಿನತ್ತ ಕೊಂಡೊಯ್ಯುತ್ತವೆ. ಶಿಕ್ಷಣ ಕೇವಲ ಅಂಕಗಳಿಗೆ ಸೀಮಿತವಾಗಬಾರದು ಎಂದರು.
ತಾ.ಪಂ. ಇಒ ಸುದರ್ಶನ್ ಮಾತನಾಡಿ, ಪತ್ರಿಕಾ ರಂಗವು ಶಾಸಕಾಂಗ, ಕಾರ್ಯಾಂಗ, ನ್ಯಾಯಾಂಗದ ನಂತರ ನಾಲ್ಕನೇ ಅಂಗವಾಗಿದೆ. ಸಮಾಜದಲ್ಲಿ ಬದಲಾವಣೆ ತರುವ ಶಕ್ತಿ ಪತ್ರಕರ್ತರಿಗಿದೆ. ವಿದ್ಯಾರ್ಥಿಗಳು ದಿನಪತ್ರಿಕೆಗಳನ್ನು ಓದುವ ಹವ್ಯಾಸ ಬೆಳೆಸಿಕೊಳ್ಳಬೇಕು. ತಂದೆತಾಯಿಯರು ಮತ್ತು ಗುರುಗಳನ್ನು ಗೌರವಿಸಬೇಕು ಎಂದರು. ಪ್ರಗತಿಪರ ಚಿಂತಕ ಹಿರಿಯ ಪತ್ರಕರ್ತ ಉಜ್ಜಜ್ಜಿ ರಾಜಣ್ಣ ಮಾತನಾಡಿ, ಕಲ್ಪತರು ಮಕ್ಕಳ ಸೇವಾಶ್ರಮದ ಮಕ್ಕಳಿಗೆ ಶಿಕ್ಷಣೋಪಕರಣ ವಿತರಣೆ ಮಾಡುತ್ತಿರುವುದು ಶ್ಲಾಘನೀಯ ಕಾರ್ಯ ಎಂದರು.
ಎಸ್‌ವಿಪಿ ಕಾಲೇಜಿನ ಪ್ರಾಚಾರ್ಯ ಕೆ.ಎಂ. ರೇಣುಕಯ್ಯ, ನಿರ್ದೇಶಕರಾದ ಜಯಸ್ವಾಮಿ, ಕೆ.ಟಿ.ಎಂ. ಮಾರುತಿ, ತಾಲ್ಲೂಕು ಘಟಕದ ಉಪಾಧ್ಯಕ್ಷ ಡಿ. ಕುಮಾರ್, ವಿಜಯ್ ಎಸ್. ಉಜ್ಜಜ್ಜಿ ರಾಜಣ್ಣ, ಹೊನ್ನವಳ್ಳಿ ಸಂಜಯ್, ಕಲ್ಲೇಶ್, ಉಜ್ಜಜ್ಜಿ ರಾಜಣ್ಣ, ಪತ್ರಕರ್ತರಾದ ಮಂಜುನಾಥ್ ಹಾಲ್ಕುರಿಕೆ, ಬಿ.ಟಿ. ಕುಮಾರ್, ದಯಾನಂದ ಸ್ವಾಮಿ, ಮೋಹನ್ ಹಾಗೂ ಮಕ್ಕಳ ಸೇವಾಶ್ರಮದ ಮುಖ್ಯಸ್ಥರು, ಶಿಕ್ಷಕರು ಹಾಗೂ ವಿದ್ಯಾರ್ಥಿಗಳು ಭಾಗವಹಿಸಿದ್ದರು.
ಫಲಿತಾಂಶವೇ ನಮ್ಮ ಶಿಕ್ಷಣ ಸಂಸ್ಥೆಯ ಬಂಡವಾಳ: ಶಿವಣ್ಣ
ಮಧುಗಿರಿ, ಫೆ. 4– ಶಾಲೆಯಲ್ಲಿ ಮಕ್ಕಳಿಗೆ ಗುಣಮಟ್ಟದ ಶಿಕ್ಷಣ ನೀಡುವ ಜೊತೆಗೆ ಸಂಸ್ಕಾರವನ್ನು ಬೆಳೆಸುವಲ್ಲಿ ಎಂದು ಡಿಸಿಸಿ ಬ್ಯಾಂಕ್ ಅಧ್ಯಕ್ಷ ಜಿ.ಜೆ.ರಾಜಣ್ಣ ಹೇಳಿದರು. ತಾಲ್ಲೂಕಿನ ಮಿಡಿಗೇಶಿ ಗ್ರಾಮದ ಶ್ರೀ ಶಾರದಾಂಬ ವಿದ್ಯಾ ಮಂದಿರದ ಶಾಲಾ ವಾರ್ಷಿಕೋತ್ಸವ ಕಾರ್ಯಕ್ರಮ ಉದ್ಘಾಟಿಸಿ ಅವರು ಮಾತನಾಡಿದರು. ವಿದ್ಯಾರ್ಥಿಗಳ ಪ್ರತಿಭೆಗೆ ವೇದಿಕೆ ಒದಗಿಸುವ ಇಂತಹ ಕಾರ್ಯಕ್ರಮಗಳು ಅಗತ್ಯ. ಶಿಕ್ಷಣದಿಂದ ಮಾತ್ರ ಸಮಾಜದ ಪ್ರಗತಿ ಸಾಧ್ಯ ಎಂದರು.
ಸಂಸ್ಥಾಪಕ ಕಾರ್ಯದರ್ಶಿ ಶಿವಣ್ಣ ಎಸ್. ಮಾತನಾಡಿ, ಶಾಲಾ ವಾರ್ಷಿಕೋತ್ಸವದ ಮೂಲಕ ಮಕ್ಕಳ ಪ್ರತಿಭೆ ಅನಾವರಣಗೊಳ್ಳುತ್ತದೆ. ಕಳೆದ 15 ವರ್ಷಗಳಿಂದ ಸಂಸ್ಥೆ ನಿರಂತರವಾಗಿ ಉತ್ತಮ ಫಲಿತಾಂಶ ನೀಡುತ್ತಿದೆ. ಫಲಿತಾಂಶವೇ ನಮ್ಮ ಶಿಕ್ಷಣ ಸಂಸ್ಥೆಯ ಬಂಡವಾಳ. ಪೋಷಕರ ನಂಬಿಕೆಯನ್ನು ಉಳಿಸಿಕೊಳ್ಳುವುದು ನಮ್ಮ ಜವಾಬ್ದಾರಿ. ಶಿಕ್ಷಕರ ಶ್ರಮದಿಂದ ಇದು ಸಾಧ್ಯವಾಗಿದೆ ಎಂದು ಹೇಳಿದರು.
ಈ ಸಂಸ್ಥೆಯ ಆಧಾರ ಸ್ತಂಭವಾಗಿದ್ದು ಬಡತನದ ಇಲ್ಲಿನ ಗ್ರಾಮಸ್ಥರು ಈ ಸಂಸ್ಥೆಯ ಪ್ರಗತಿಗಾಗಿ ನಿಂತ ಸಂಸ್ಥೆಯನ್ನು ಪೋಷಿಸುತ್ತಿದ್ದಾರೆ. ಕಾರ್ಯಕ್ರಮದಲ್ಲಿ ಜಿಲ್ಲಾ ಪಂಚಾಯಿತಿ ಮಾಜಿ ಸದಸ್ಯ, ಪಿ.ಆರ್. ಪವನ್ ಕುಮಾರ್, ನಿವೃತ್ತ ಶಿಕ್ಷಕರು, ಗ್ರಾ.ಪಂ. ಅಧ್ಯಕ್ಷರು, ಸದಸ್ಯರು, ಮುಖಂಡರು, ಪೋಷಕರು ಹಾಗೂ ಶಾಲಾ ಸಿಬ್ಬಂದಿ ವರ್ಗ ಭಾಗವಹಿಸಿದ್ದರು.
Edited, Printed and Published by B.T. Amuthan at Nireshwalya Cross Road, Goods Shed Road, Bander, Mangalore-575 001. For M/s Karnataka News Publications (P) Ltd., and Printed at Sanjevani,
Nireshwalya Cross Road, Goods Shed Road, Bander, Mangalore-575 001. RNI KARKAN/2004/14701
